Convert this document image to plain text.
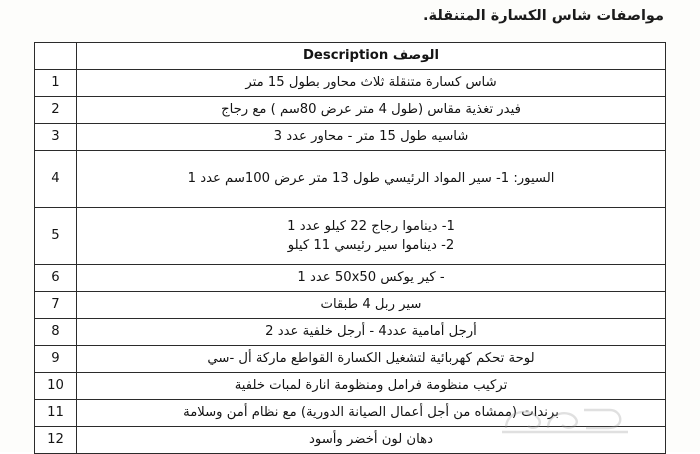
مواصفات شاس الكسارة المتنقلة.
الوصف Description	

شاس كسارة متنقلة ثلاث محاور بطول 15 متر	1

فيدر تغذية مقاس (طول 4 متر عرض 80سم ) مع رجاج	2

شاسيه طول 15 متر - محاور عدد 3	3

السيور: 1- سير المواد الرئيسي طول 13 متر عرض 100سم عدد 1	4

1- ديناموا رجاج 22 كيلو عدد 1
2- ديناموا سير رئيسي 11 كيلو	5

- كير يوكس 50x50 عدد 1	6

سير ربل 4 طبقات	7

أرجل أمامية عدد4 - أرجل خلفية عدد 2	8

لوحة تحكم كهربائية لتشغيل الكسارة القواطع ماركة أل -سي	9

تركيب منظومة فرامل ومنظومة انارة لمبات خلفية	10

برندات (ممشاه من أجل أعمال الصيانة الدورية) مع نظام أمن وسلامة	11

دهان لون أخضر وأسود	12
